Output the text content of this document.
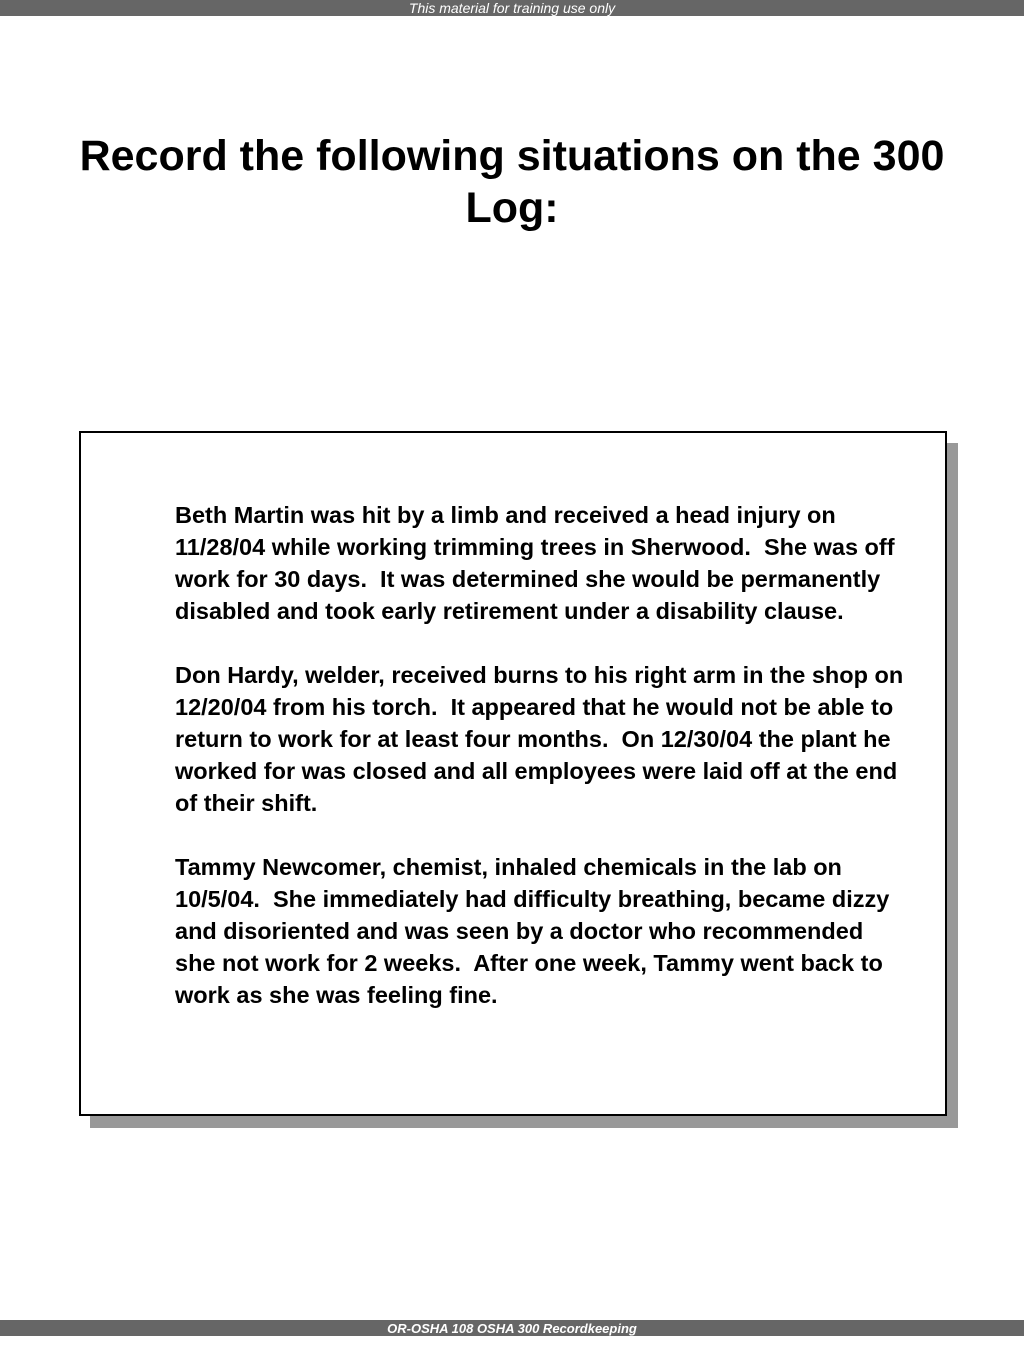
This material for training use only
Record the following situations on the 300 Log:

Beth Martin was hit by a limb and received a head injury on 11/28/04 while working trimming trees in Sherwood.  She was off work for 30 days.  It was determined she would be permanently disabled and took early retirement under a disability clause.

Don Hardy, welder, received burns to his right arm in the shop on 12/20/04 from his torch.  It appeared that he would not be able to return to work for at least four months.  On 12/30/04 the plant he worked for was closed and all employees were laid off at the end of their shift.

Tammy Newcomer, chemist, inhaled chemicals in the lab on 10/5/04.  She immediately had difficulty breathing, became dizzy and disoriented and was seen by a doctor who recommended she not work for 2 weeks.  After one week, Tammy went back to work as she was feeling fine.

OR-OSHA 108 OSHA 300 Recordkeeping
